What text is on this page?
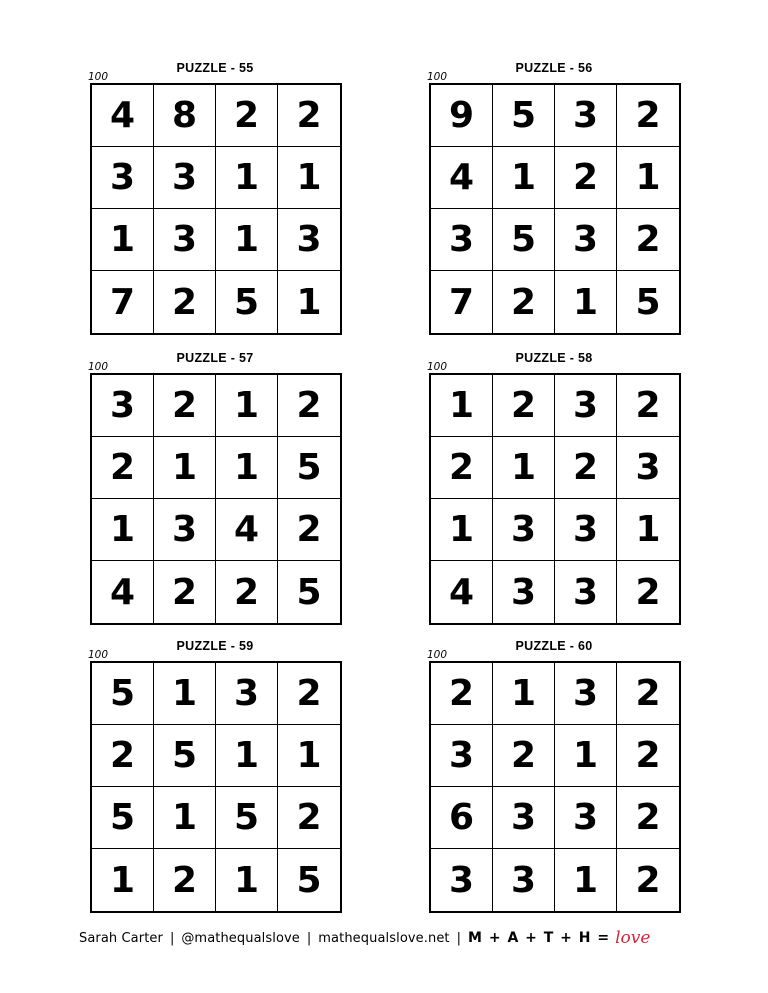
PUZZLE - 55
100
4	8	2	2
3	3	1	1
1	3	1	3
7	2	5	1
PUZZLE - 56
100
9	5	3	2
4	1	2	1
3	5	3	2
7	2	1	5
PUZZLE - 57
100
3	2	1	2
2	1	1	5
1	3	4	2
4	2	2	5
PUZZLE - 58
100
1	2	3	2
2	1	2	3
1	3	3	1
4	3	3	2
PUZZLE - 59
100
5	1	3	2
2	5	1	1
5	1	5	2
1	2	1	5
PUZZLE - 60
100
2	1	3	2
3	2	1	2
6	3	3	2
3	3	1	2
Sarah Carter | @mathequalslove | mathequalslove.net | M + A + T + H = love
